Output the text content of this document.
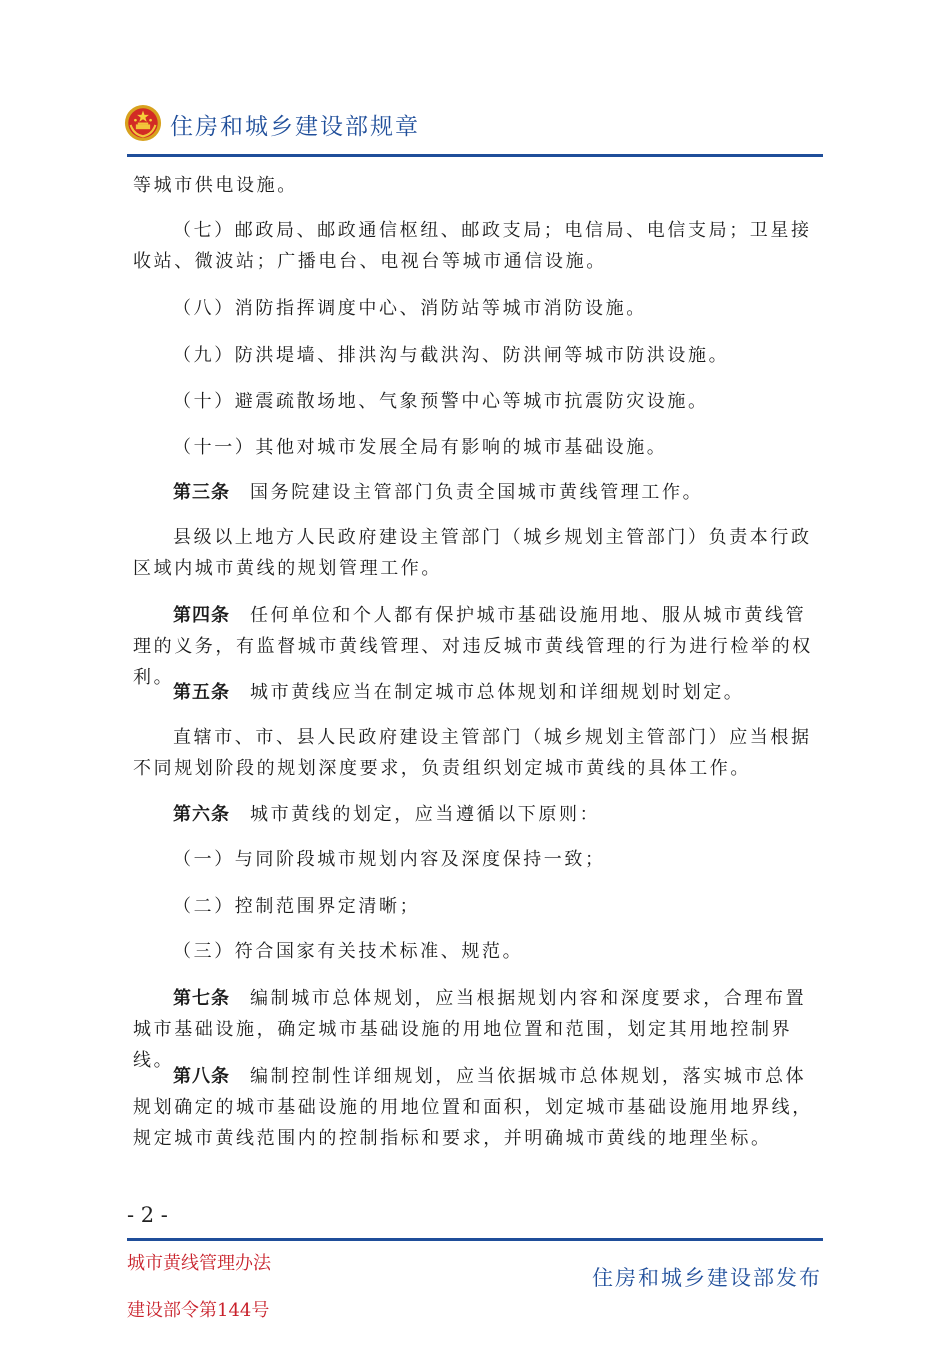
住房和城乡建设部规章

等城市供电设施。

（七）邮政局、邮政通信枢纽、邮政支局；电信局、电信支局；卫星接收站、微波站；广播电台、电视台等城市通信设施。

（八）消防指挥调度中心、消防站等城市消防设施。

（九）防洪堤墙、排洪沟与截洪沟、防洪闸等城市防洪设施。

（十）避震疏散场地、气象预警中心等城市抗震防灾设施。

（十一）其他对城市发展全局有影响的城市基础设施。

第三条 国务院建设主管部门负责全国城市黄线管理工作。

县级以上地方人民政府建设主管部门（城乡规划主管部门）负责本行政区域内城市黄线的规划管理工作。

第四条 任何单位和个人都有保护城市基础设施用地、服从城市黄线管理的义务，有监督城市黄线管理、对违反城市黄线管理的行为进行检举的权利。

第五条 城市黄线应当在制定城市总体规划和详细规划时划定。

直辖市、市、县人民政府建设主管部门（城乡规划主管部门）应当根据不同规划阶段的规划深度要求，负责组织划定城市黄线的具体工作。

第六条 城市黄线的划定，应当遵循以下原则：

（一）与同阶段城市规划内容及深度保持一致；

（二）控制范围界定清晰；

（三）符合国家有关技术标准、规范。

第七条 编制城市总体规划，应当根据规划内容和深度要求，合理布置城市基础设施，确定城市基础设施的用地位置和范围，划定其用地控制界线。

第八条 编制控制性详细规划，应当依据城市总体规划，落实城市总体规划确定的城市基础设施的用地位置和面积，划定城市基础设施用地界线，规定城市黄线范围内的控制指标和要求，并明确城市黄线的地理坐标。

- 2 -
城市黄线管理办法
建设部令第144号
住房和城乡建设部发布
